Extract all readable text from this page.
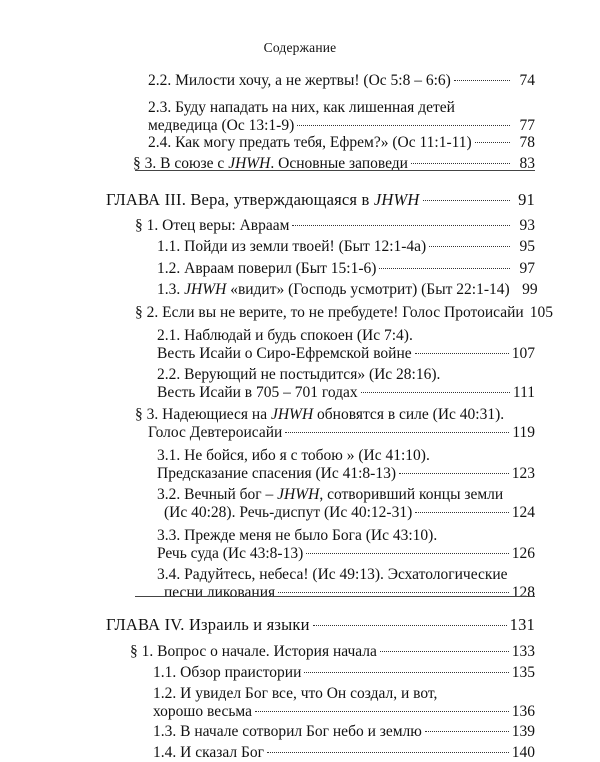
Содержание
2.2. Милости хочу, а не жертвы! (Ос 5:8 – 6:6)	74
2.3. Буду нападать на них, как лишенная детей
медведица (Ос 13:1-9)	77
2.4. Как могу предать тебя, Ефрем?» (Ос 11:1-11)	78
§ 3. В союзе с JHWH. Основные заповеди	83
ГЛАВА III. Вера, утверждающаяся в JHWH	91
§ 1. Отец веры: Авраам	93
1.1. Пойди из земли твоей! (Быт 12:1-4а)	95
1.2. Авраам поверил (Быт 15:1-6)	97
1.3. JHWH «видит» (Господь усмотрит) (Быт 22:1-14) 99
§ 2. Если вы не верите, то не пребудете! Голос Протоисайи 105
2.1. Наблюдай и будь спокоен (Ис 7:4).
Весть Исайи о Сиро-Ефремской войне	107
2.2. Верующий не постыдится» (Ис 28:16).
Весть Исайи в 705 – 701 годах	111
§ 3. Надеющиеся на JHWH обновятся в силе (Ис 40:31).
Голос Девтероисайи	119
3.1. Не бойся, ибо я с тобою » (Ис 41:10).
Предсказание спасения (Ис 41:8-13)	123
3.2. Вечный бог – JHWH, сотворивший концы земли
(Ис 40:28). Речь-диспут (Ис 40:12-31)	124
3.3. Прежде меня не было Бога (Ис 43:10).
Речь суда (Ис 43:8-13)	126
3.4. Радуйтесь, небеса! (Ис 49:13). Эсхатологические
песни ликования	128
ГЛАВА IV. Израиль и языки	131
§ 1. Вопрос о начале. История начала	133
1.1. Обзор праистории	135
1.2. И увидел Бог все, что Он создал, и вот,
хорошо весьма	136
1.3. В начале сотворил Бог небо и землю	139
1.4. И сказал Бог	140
